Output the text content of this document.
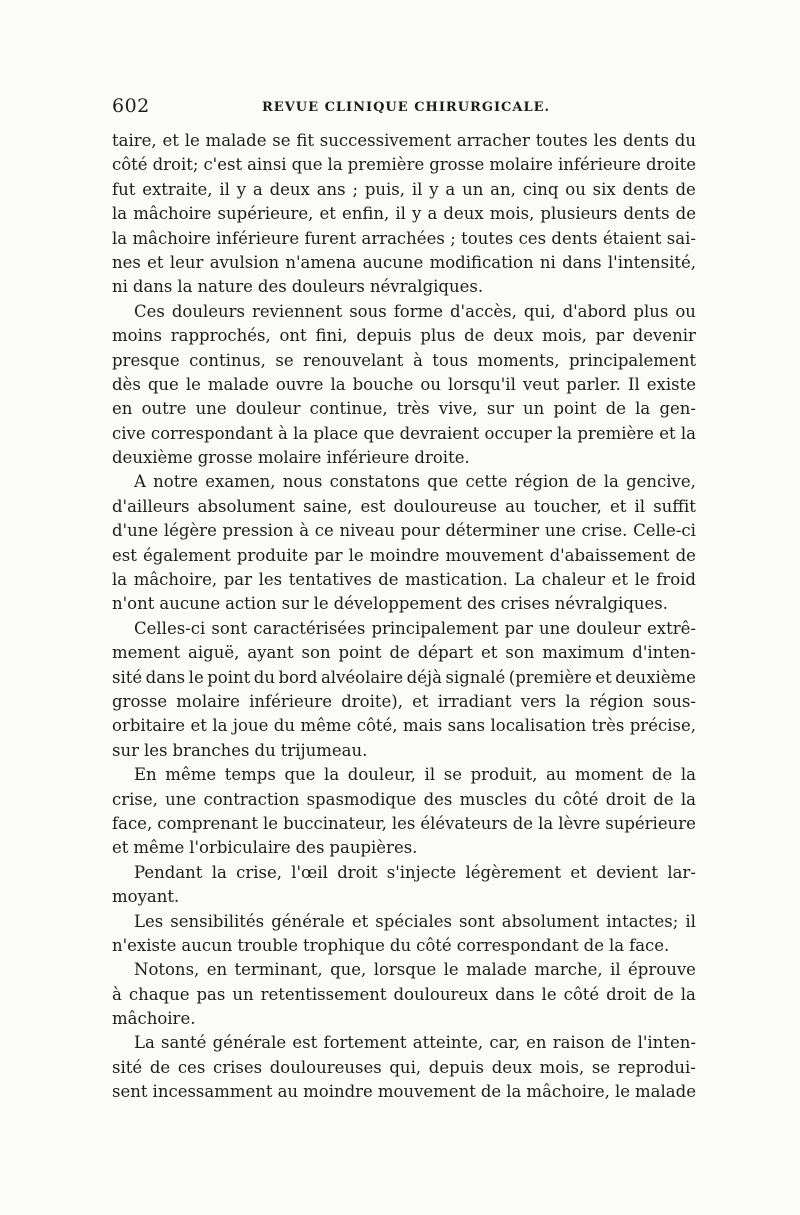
602	REVUE CLINIQUE CHIRURGICALE.
taire, et le malade se fit successivement arracher toutes les dents du
côté droit; c'est ainsi que la première grosse molaire inférieure droite
fut extraite, il y a deux ans ; puis, il y a un an, cinq ou six dents de
la mâchoire supérieure, et enfin, il y a deux mois, plusieurs dents de
la mâchoire inférieure furent arrachées ; toutes ces dents étaient sai-
nes et leur avulsion n'amena aucune modification ni dans l'intensité,
ni dans la nature des douleurs névralgiques.
Ces douleurs reviennent sous forme d'accès, qui, d'abord plus ou
moins rapprochés, ont fini, depuis plus de deux mois, par devenir
presque continus, se renouvelant à tous moments, principalement
dès que le malade ouvre la bouche ou lorsqu'il veut parler. Il existe
en outre une douleur continue, très vive, sur un point de la gen-
cive correspondant à la place que devraient occuper la première et la
deuxième grosse molaire inférieure droite.
A notre examen, nous constatons que cette région de la gencive,
d'ailleurs absolument saine, est douloureuse au toucher, et il suffit
d'une légère pression à ce niveau pour déterminer une crise. Celle-ci
est également produite par le moindre mouvement d'abaissement de
la mâchoire, par les tentatives de mastication. La chaleur et le froid
n'ont aucune action sur le développement des crises névralgiques.
Celles-ci sont caractérisées principalement par une douleur extrê-
mement aiguë, ayant son point de départ et son maximum d'inten-
sité dans le point du bord alvéolaire déjà signalé (première et deuxième
grosse molaire inférieure droite), et irradiant vers la région sous-
orbitaire et la joue du même côté, mais sans localisation très précise,
sur les branches du trijumeau.
En même temps que la douleur, il se produit, au moment de la
crise, une contraction spasmodique des muscles du côté droit de la
face, comprenant le buccinateur, les élévateurs de la lèvre supérieure
et même l'orbiculaire des paupières.
Pendant la crise, l'œil droit s'injecte légèrement et devient lar-
moyant.
Les sensibilités générale et spéciales sont absolument intactes; il
n'existe aucun trouble trophique du côté correspondant de la face.
Notons, en terminant, que, lorsque le malade marche, il éprouve
à chaque pas un retentissement douloureux dans le côté droit de la
mâchoire.
La santé générale est fortement atteinte, car, en raison de l'inten-
sité de ces crises douloureuses qui, depuis deux mois, se reprodui-
sent incessamment au moindre mouvement de la mâchoire, le malade
